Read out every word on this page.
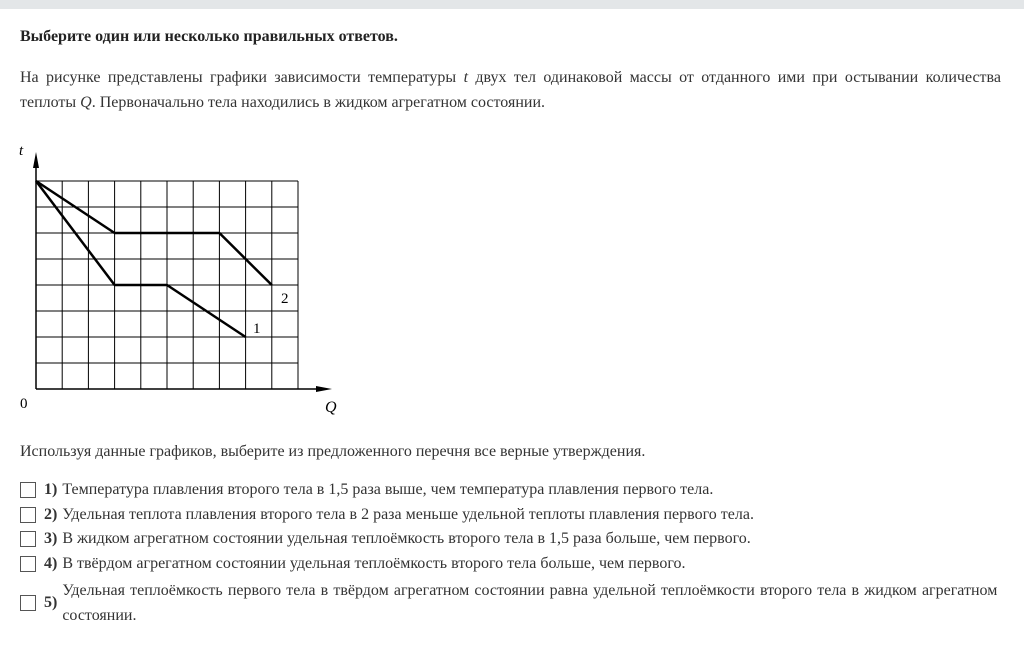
Выберите один или несколько правильных ответов.
На рисунке представлены графики зависимости температуры t двух тел одинаковой массы от отданного ими при остывании количества теплоты Q. Первоначально тела находились в жидком агрегатном состоянии.
t
Q
0
1
2
Используя данные графиков, выберите из предложенного перечня все верные утверждения.
1) Температура плавления второго тела в 1,5 раза выше, чем температура плавления первого тела.
2) Удельная теплота плавления второго тела в 2 раза меньше удельной теплоты плавления первого тела.
3) В жидком агрегатном состоянии удельная теплоёмкость второго тела в 1,5 раза больше, чем первого.
4) В твёрдом агрегатном состоянии удельная теплоёмкость второго тела больше, чем первого.
5)
Удельная теплоёмкость первого тела в твёрдом агрегатном состоянии равна удельной теплоёмкости второго тела в жидком агрегатном состоянии.
